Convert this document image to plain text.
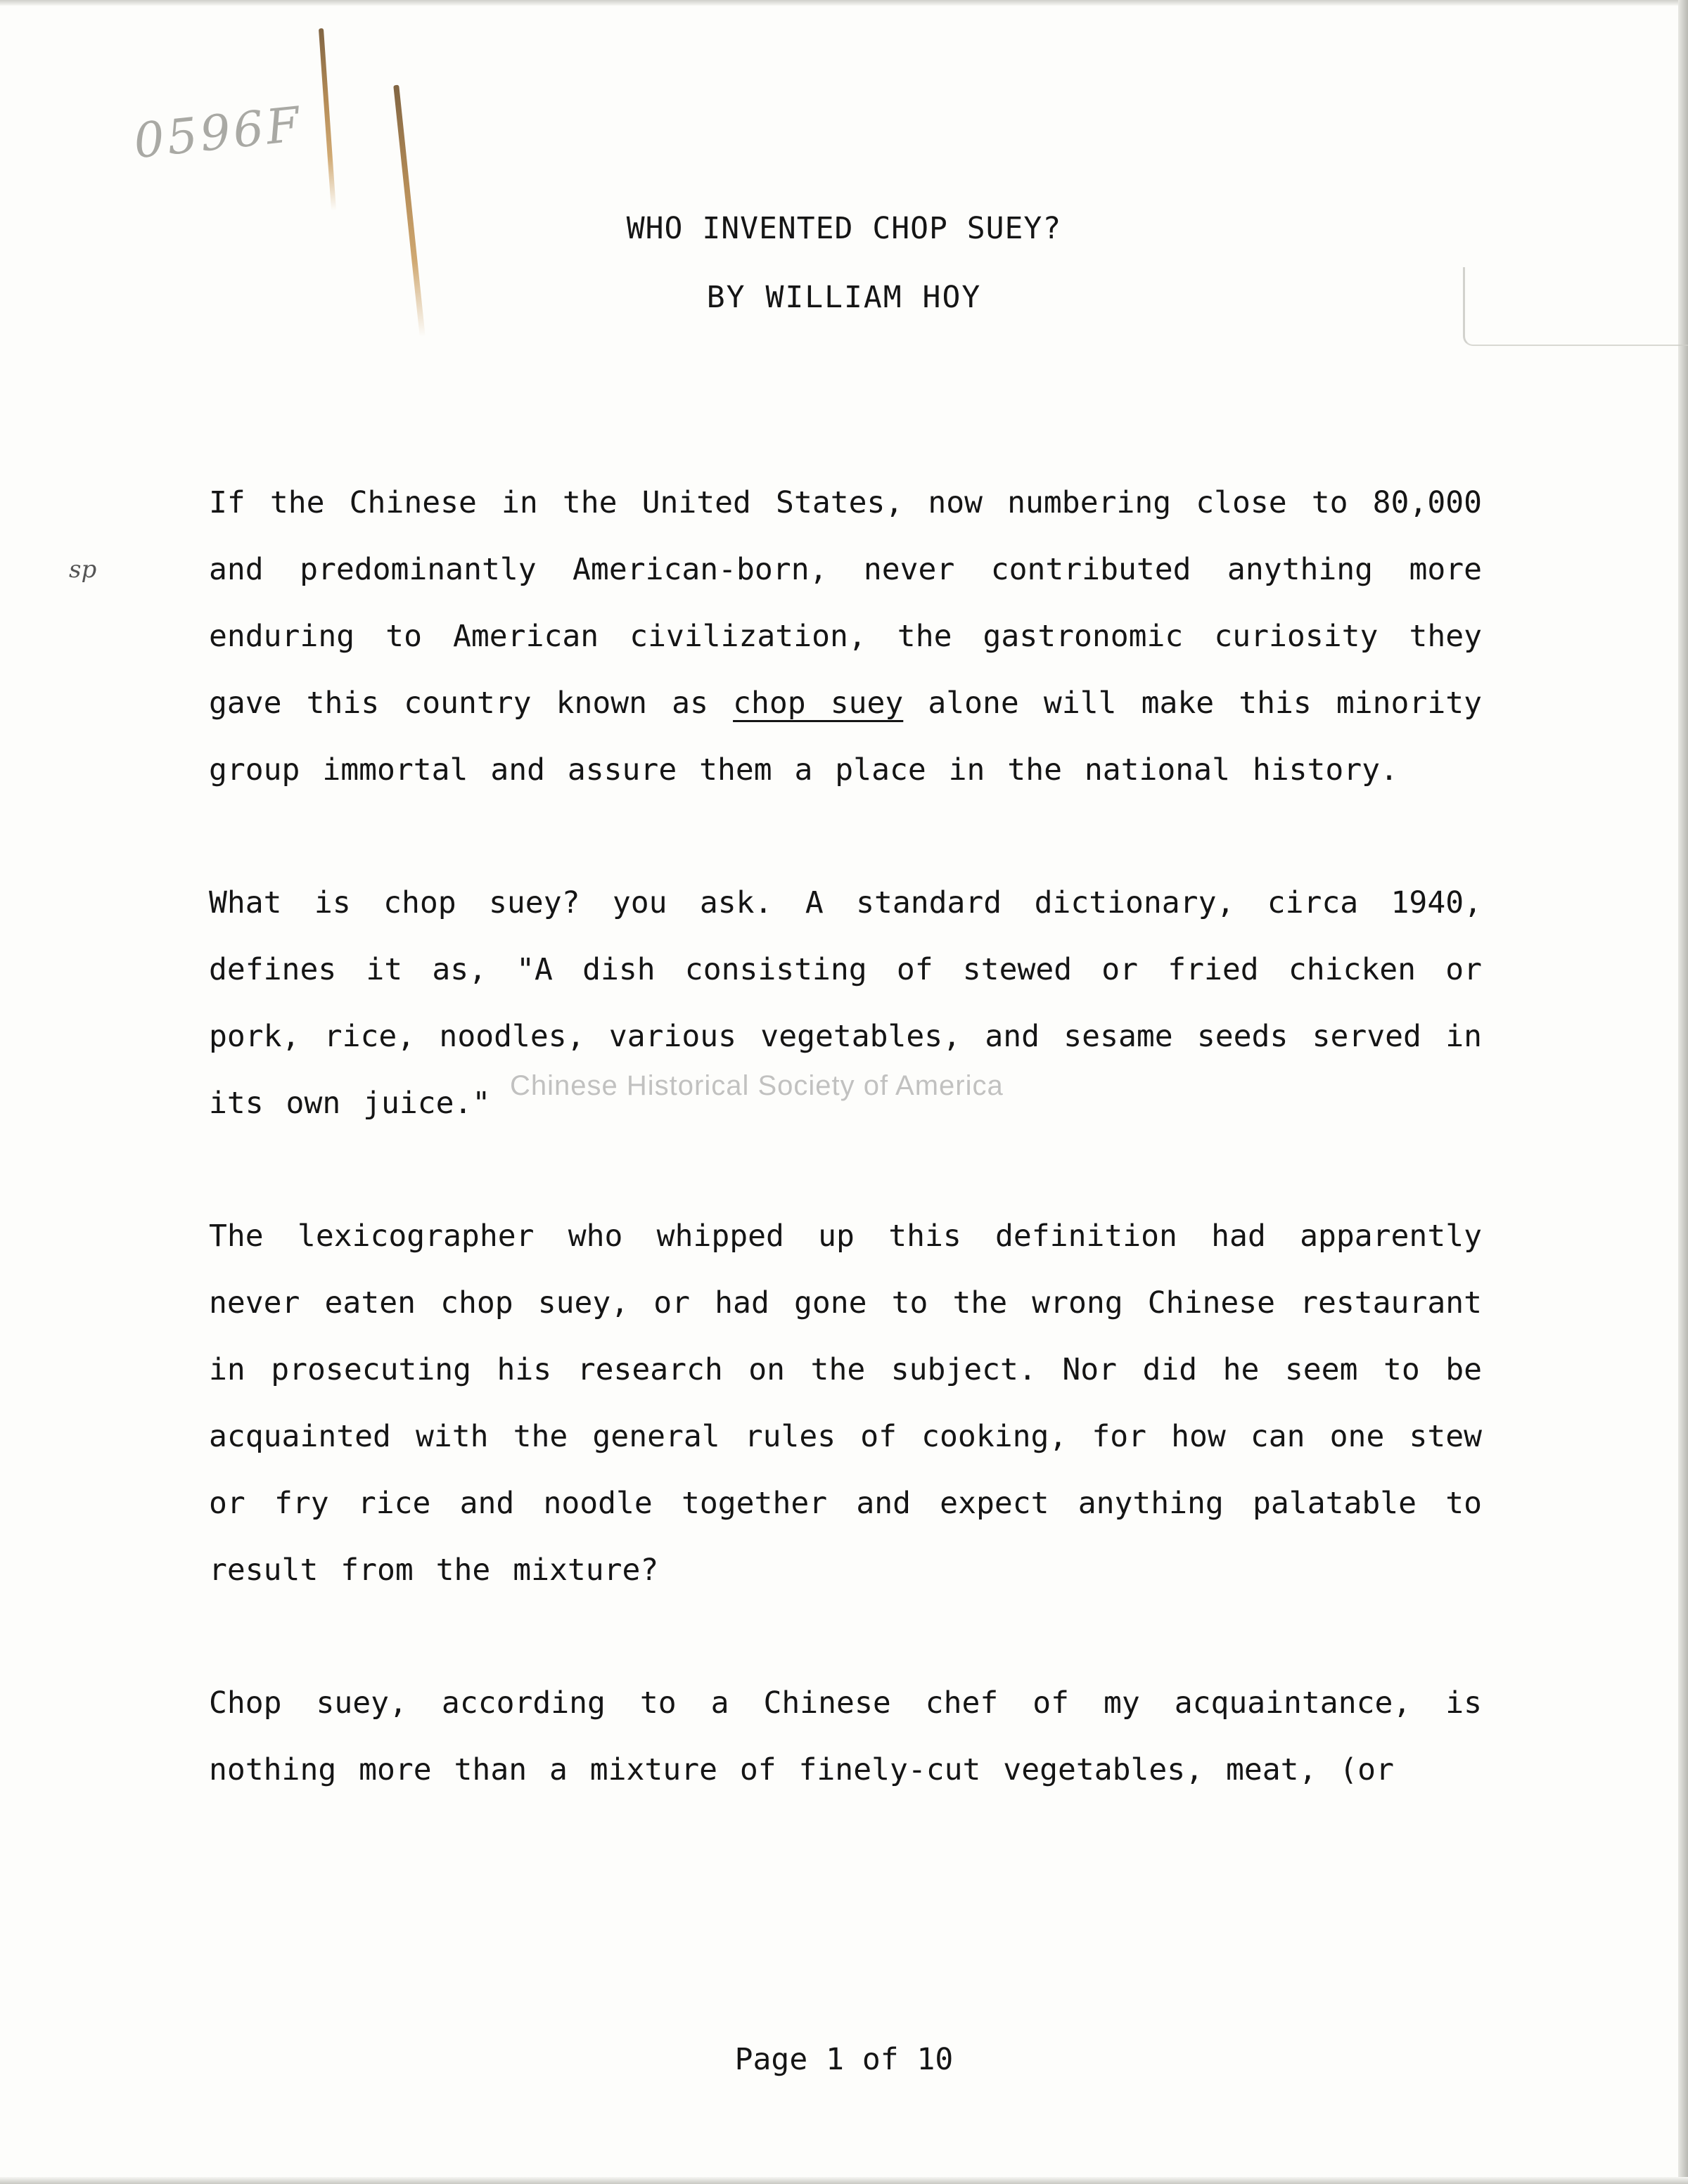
0596F
sp
WHO INVENTED CHOP SUEY?
BY WILLIAM HOY

If the Chinese in the United States, now numbering close to 80,000 and predominantly American-born, never contributed anything more enduring to American civilization, the gastronomic curiosity they gave this country known as chop suey alone will make this minority group immortal and assure them a place in the national history.

What is chop suey? you ask. A standard dictionary, circa 1940, defines it as, "A dish consisting of stewed or fried chicken or pork, rice, noodles, various vegetables, and sesame seeds served in its own juice."

The lexicographer who whipped up this definition had apparently never eaten chop suey, or had gone to the wrong Chinese restaurant in prosecuting his research on the subject. Nor did he seem to be acquainted with the general rules of cooking, for how can one stew or fry rice and noodle together and expect anything palatable to result from the mixture?

Chop suey, according to a Chinese chef of my acquaintance, is nothing more than a mixture of finely-cut vegetables, meat, (or

Chinese Historical Society of America
Page 1 of 10
